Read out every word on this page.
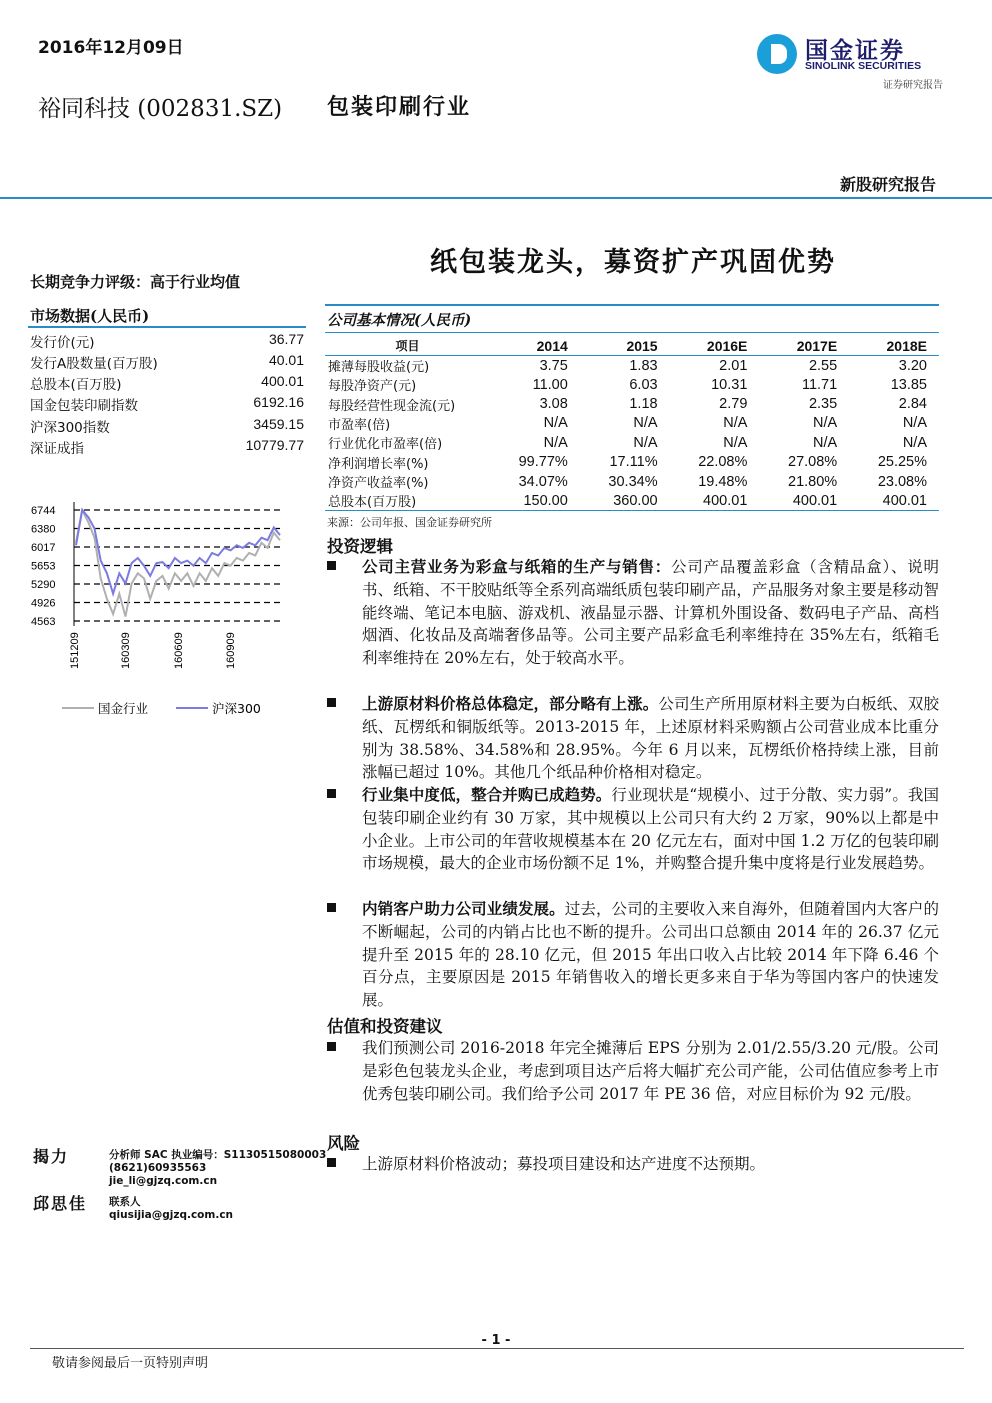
2016年12月09日	国金证券
SINOLINK SECURITIES
证券研究报告
裕同科技 (002831.SZ) 包装印刷行业
新股研究报告
纸包装龙头，募资扩产巩固优势
长期竞争力评级：高于行业均值
市场数据(人民币)
发行价(元)	36.77
发行A股数量(百万股)	40.01
总股本(百万股)	400.01
国金包装印刷指数	6192.16
沪深300指数	3459.15
深证成指	10779.77
6744
6380
6017
5653
5290
4926
4563
151209	160309	160609	160909
国金行业	沪深300
公司基本情况(人民币)
项目	2014	2015	2016E	2017E	2018E
摊薄每股收益(元)	3.75	1.83	2.01	2.55	3.20
每股净资产(元)	11.00	6.03	10.31	11.71	13.85
每股经营性现金流(元)	3.08	1.18	2.79	2.35	2.84
市盈率(倍)	N/A	N/A	N/A	N/A	N/A
行业优化市盈率(倍)	N/A	N/A	N/A	N/A	N/A
净利润增长率(%)	99.77%	17.11%	22.08%	27.08%	25.25%
净资产收益率(%)	34.07%	30.34%	19.48%	21.80%	23.08%
总股本(百万股)	150.00	360.00	400.01	400.01	400.01
来源：公司年报、国金证券研究所
投资逻辑
公司主营业务为彩盒与纸箱的生产与销售：公司产品覆盖彩盒（含精品盒）、说明书、纸箱、不干胶贴纸等全系列高端纸质包装印刷产品，产品服务对象主要是移动智能终端、笔记本电脑、游戏机、液晶显示器、计算机外围设备、数码电子产品、高档烟酒、化妆品及高端奢侈品等。公司主要产品彩盒毛利率维持在 35%左右，纸箱毛利率维持在 20%左右，处于较高水平。
上游原材料价格总体稳定，部分略有上涨。公司生产所用原材料主要为白板纸、双胶纸、瓦楞纸和铜版纸等。2013-2015 年，上述原材料采购额占公司营业成本比重分别为 38.58%、34.58%和 28.95%。今年 6 月以来，瓦楞纸价格持续上涨，目前涨幅已超过 10%。其他几个纸品种价格相对稳定。
行业集中度低，整合并购已成趋势。行业现状是“规模小、过于分散、实力弱”。我国包装印刷企业约有 30 万家，其中规模以上公司只有大约 2 万家，90%以上都是中小企业。上市公司的年营收规模基本在 20 亿元左右，面对中国 1.2 万亿的包装印刷市场规模，最大的企业市场份额不足 1%，并购整合提升集中度将是行业发展趋势。
内销客户助力公司业绩发展。过去，公司的主要收入来自海外，但随着国内大客户的不断崛起，公司的内销占比也不断的提升。公司出口总额由 2014 年的 26.37 亿元提升至 2015 年的 28.10 亿元，但 2015 年出口收入占比较 2014 年下降 6.46 个百分点，主要原因是 2015 年销售收入的增长更多来自于华为等国内客户的快速发展。
估值和投资建议
我们预测公司 2016-2018 年完全摊薄后 EPS 分别为 2.01/2.55/3.20 元/股。公司是彩色包装龙头企业，考虑到项目达产后将大幅扩充公司产能，公司估值应参考上市优秀包装印刷公司。我们给予公司 2017 年 PE 36 倍，对应目标价为 92 元/股。
风险
上游原材料价格波动；募投项目建设和达产进度不达预期。
揭力	分析师 SAC 执业编号：S1130515080003
(8621)60935563
jie_li@gjzq.com.cn
邱思佳 联系人
qiusijia@gjzq.com.cn
- 1 -
敬请参阅最后一页特别声明
